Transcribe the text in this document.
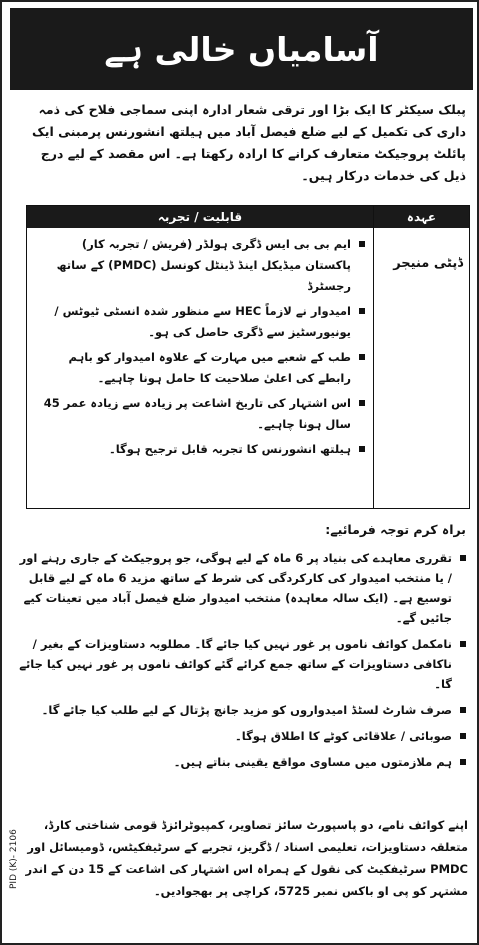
آسامیاں خالی ہے

پبلک سیکٹر کا ایک بڑا اور ترقی شعار ادارہ اپنی سماجی فلاح کی ذمہ داری کی تکمیل کے لیے ضلع فیصل آباد میں ہیلتھ انشورنس پرمبنی ایک پائلٹ پروجیکٹ متعارف کرانے کا ارادہ رکھتا ہے۔ اس مقصد کے لیے درج ذیل کی خدمات درکار ہیں۔

عہدہ
ڈپٹی منیجر
قابلیت / تجربہ
ایم بی بی ایس ڈگری ہولڈر (فریش / تجربہ کار) پاکستان میڈیکل اینڈ ڈینٹل کونسل (PMDC) کے ساتھ رجسٹرڈ
امیدوار نے لازماً HEC سے منظور شدہ انسٹی ٹیوٹس / یونیورسٹیز سے ڈگری حاصل کی ہو۔
طب کے شعبے میں مہارت کے علاوہ امیدوار کو باہم رابطے کی اعلیٰ صلاحیت کا حامل ہونا چاہیے۔
اس اشتہار کی تاریخ اشاعت پر زیادہ سے زیادہ عمر 45 سال ہونا چاہیے۔
ہیلتھ انشورنس کا تجربہ قابل ترجیح ہوگا۔
براہ کرم توجہ فرمائیے:
تقرری معاہدے کی بنیاد پر 6 ماہ کے لیے ہوگی، جو پروجیکٹ کے جاری رہنے اور / یا منتخب امیدوار کی کارکردگی کی شرط کے ساتھ مزید 6 ماہ کے لیے قابل توسیع ہے۔ (ایک سالہ معاہدہ) منتخب امیدوار ضلع فیصل آباد میں تعینات کیے جائیں گے۔
نامکمل کوائف ناموں پر غور نہیں کیا جائے گا۔ مطلوبہ دستاویزات کے بغیر / ناکافی دستاویزات کے ساتھ جمع کرائے گئے کوائف ناموں پر غور نہیں کیا جائے گا۔
صرف شارٹ لسٹڈ امیدواروں کو مزید جانچ پڑتال کے لیے طلب کیا جائے گا۔
صوبائی / علاقائی کوٹے کا اطلاق ہوگا۔
ہم ملازمتوں میں مساوی مواقع یقینی بناتے ہیں۔

اپنے کوائف نامے، دو پاسپورٹ سائز تصاویر، کمپیوٹرائزڈ قومی شناختی کارڈ، متعلقہ دستاویزات، تعلیمی اسناد / ڈگریز، تجربے کے سرٹیفکیٹس، ڈومیسائل اور PMDC سرٹیفکیٹ کی نقول کے ہمراہ اس اشتہار کی اشاعت کے 15 دن کے اندر مشتہر کو پی او باکس نمبر 5725، کراچی پر بھجوادیں۔

PID (K)- 2106
